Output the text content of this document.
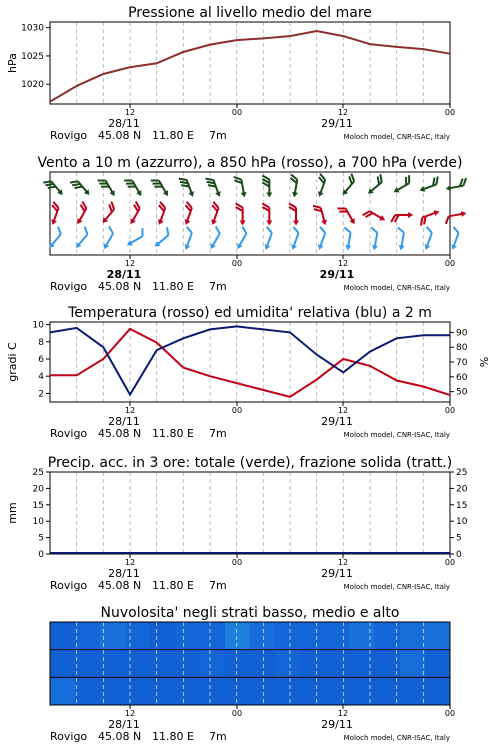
Pressione al livello medio del mare
12	00	12	00
28/11	29/11
Rovigo 45.08 N 11.80 E 7m	Moloch model, CNR-ISAC, Italy
1020
1025
1030
hPa
Vento a 10 m (azzurro), a 850 hPa (rosso), a 700 hPa (verde)
12	00	12	00
28/11	29/11
Rovigo 45.08 N 11.80 E 7m	Moloch model, CNR-ISAC, Italy
Temperatura (rosso) ed umidita' relativa (blu) a 2 m
12	00	12	00
28/11	29/11
Rovigo 45.08 N 11.80 E 7m	Moloch model, CNR-ISAC, Italy
2
4
6
8
10
50
60
70
80
90
gradi C	%
Precip. acc. in 3 ore: totale (verde), frazione solida (tratt.)
12	00	12	00
28/11	29/11
Rovigo 45.08 N 11.80 E 7m	Moloch model, CNR-ISAC, Italy
0
5
10
15
20
25
0
5
10
15
20
25
mm
Nuvolosita' negli strati basso, medio e alto
12	00	12	00
28/11	29/11
Rovigo 45.08 N 11.80 E 7m	Moloch model, CNR-ISAC, Italy
